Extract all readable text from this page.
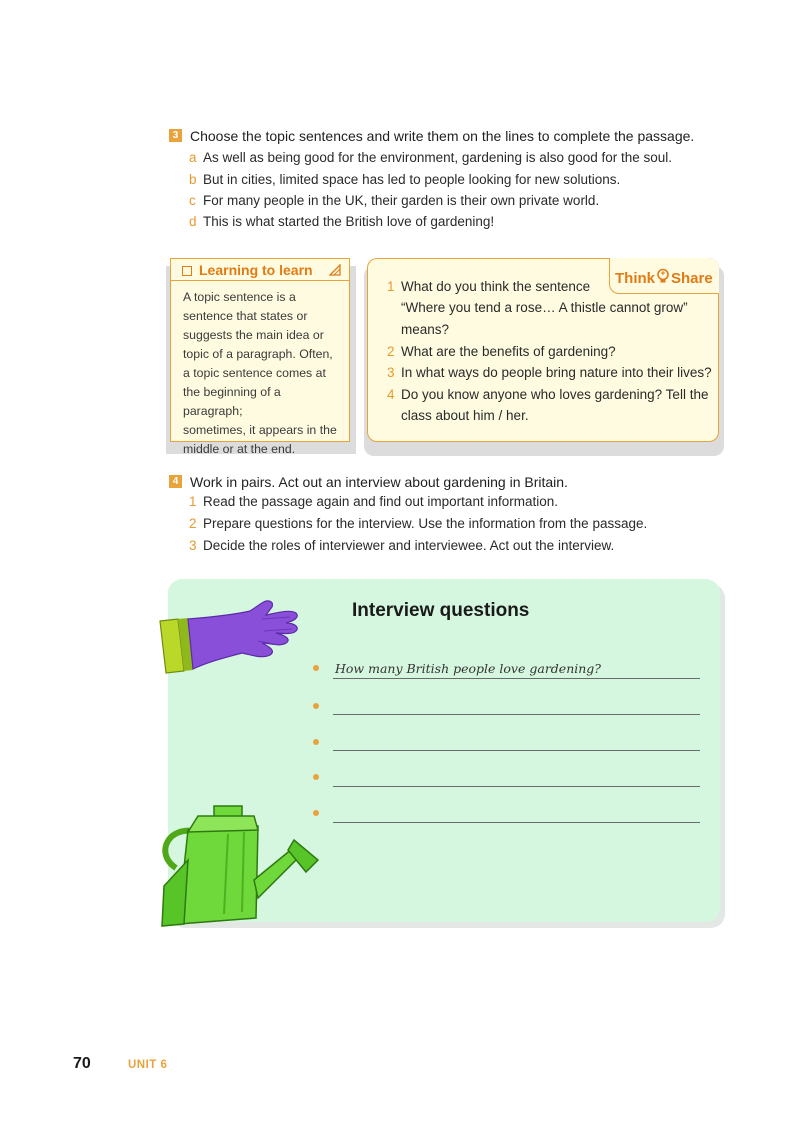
3 Choose the topic sentences and write them on the lines to complete the passage.
a As well as being good for the environment, gardening is also good for the soul.
b But in cities, limited space has led to people looking for new solutions.
c For many people in the UK, their garden is their own private world.
d This is what started the British love of gardening!
Learning to learn
A topic sentence is a
sentence that states or
suggests the main idea or
topic of a paragraph. Often,
a topic sentence comes at
the beginning of a paragraph;
sometimes, it appears in the
middle or at the end.
Think Share
1 What do you think the sentence
“Where you tend a rose… A thistle cannot grow”
means?
2 What are the benefits of gardening?
3 In what ways do people bring nature into their lives?
4 Do you know anyone who loves gardening? Tell the
class about him / her.
4 Work in pairs. Act out an interview about gardening in Britain.
1 Read the passage again and find out important information.
2 Prepare questions for the interview. Use the information from the passage.
3 Decide the roles of interviewer and interviewee. Act out the interview.
Interview questions
How many British people love gardening?
70	UNIT 6
